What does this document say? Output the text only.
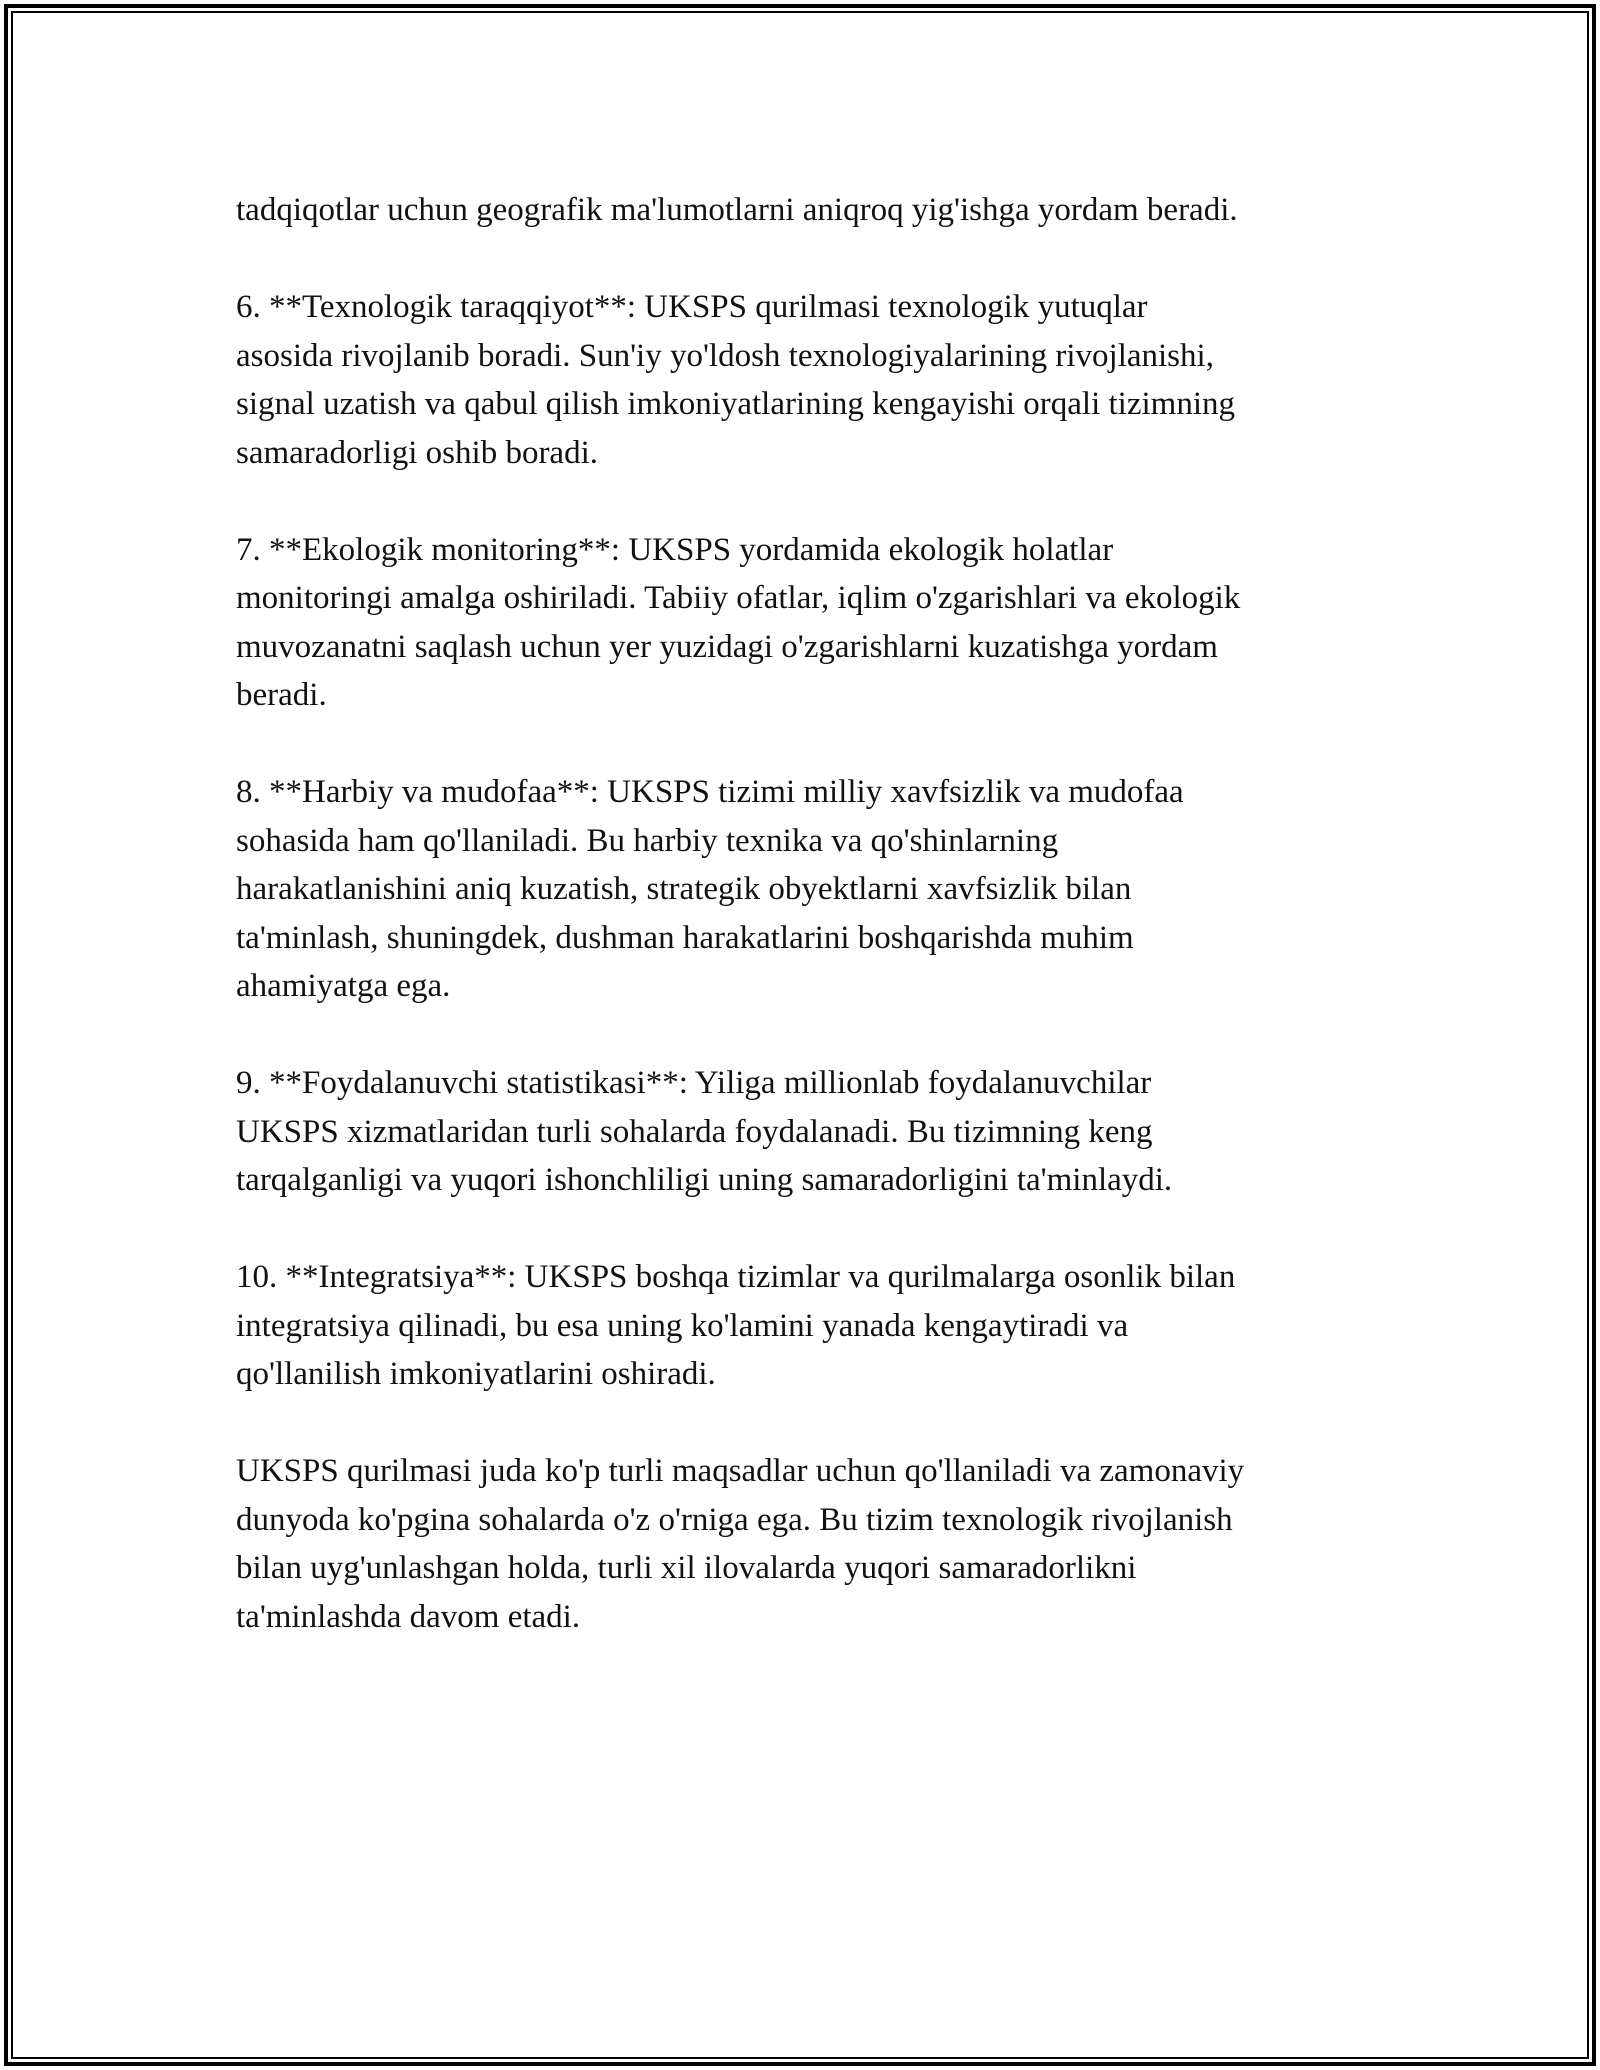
tadqiqotlar uchun geografik ma'lumotlarni aniqroq yig'ishga yordam beradi.

6. **Texnologik taraqqiyot**: UKSPS qurilmasi texnologik yutuqlar
asosida rivojlanib boradi. Sun'iy yo'ldosh texnologiyalarining rivojlanishi,
signal uzatish va qabul qilish imkoniyatlarining kengayishi orqali tizimning
samaradorligi oshib boradi.

7. **Ekologik monitoring**: UKSPS yordamida ekologik holatlar
monitoringi amalga oshiriladi. Tabiiy ofatlar, iqlim o'zgarishlari va ekologik
muvozanatni saqlash uchun yer yuzidagi o'zgarishlarni kuzatishga yordam
beradi.

8. **Harbiy va mudofaa**: UKSPS tizimi milliy xavfsizlik va mudofaa
sohasida ham qo'llaniladi. Bu harbiy texnika va qo'shinlarning
harakatlanishini aniq kuzatish, strategik obyektlarni xavfsizlik bilan
ta'minlash, shuningdek, dushman harakatlarini boshqarishda muhim
ahamiyatga ega.

9. **Foydalanuvchi statistikasi**: Yiliga millionlab foydalanuvchilar
UKSPS xizmatlaridan turli sohalarda foydalanadi. Bu tizimning keng
tarqalganligi va yuqori ishonchliligi uning samaradorligini ta'minlaydi.

10. **Integratsiya**: UKSPS boshqa tizimlar va qurilmalarga osonlik bilan
integratsiya qilinadi, bu esa uning ko'lamini yanada kengaytiradi va
qo'llanilish imkoniyatlarini oshiradi.

UKSPS qurilmasi juda ko'p turli maqsadlar uchun qo'llaniladi va zamonaviy
dunyoda ko'pgina sohalarda o'z o'rniga ega. Bu tizim texnologik rivojlanish
bilan uyg'unlashgan holda, turli xil ilovalarda yuqori samaradorlikni
ta'minlashda davom etadi.
